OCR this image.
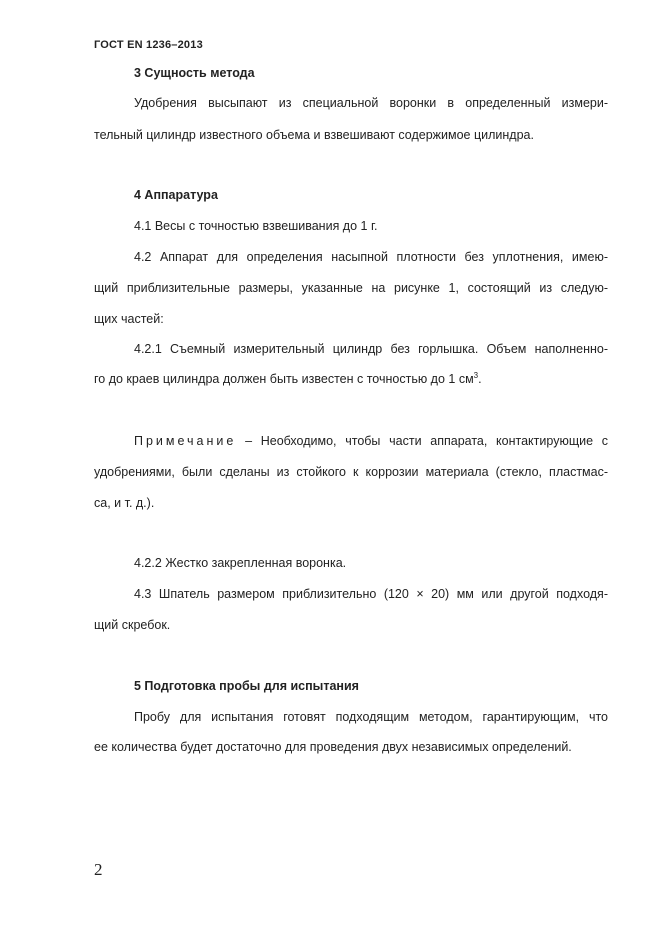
ГОСТ EN 1236–2013
3 Сущность метода
Удобрения высыпают из специальной воронки в определенный измери-
тельный цилиндр известного объема и взвешивают содержимое цилиндра.
4 Аппаратура
4.1 Весы с точностью взвешивания до 1 г.
4.2 Аппарат для определения насыпной плотности без уплотнения, имею-
щий приблизительные размеры, указанные на рисунке 1, состоящий из следую-
щих частей:
4.2.1 Съемный измерительный цилиндр без горлышка. Объем наполненно-
го до краев цилиндра должен быть известен с точностью до 1 $см^3$.
Примечание – Необходимо, чтобы части аппарата, контактирующие с
удобрениями, были сделаны из стойкого к коррозии материала (стекло, пластмас-
са, и т. д.).
4.2.2 Жестко закрепленная воронка.
4.3 Шпатель размером приблизительно (120 × 20) мм или другой подходя-
щий скребок.
5 Подготовка пробы для испытания
Пробу для испытания готовят подходящим методом, гарантирующим, что
ее количества будет достаточно для проведения двух независимых определений.
2
